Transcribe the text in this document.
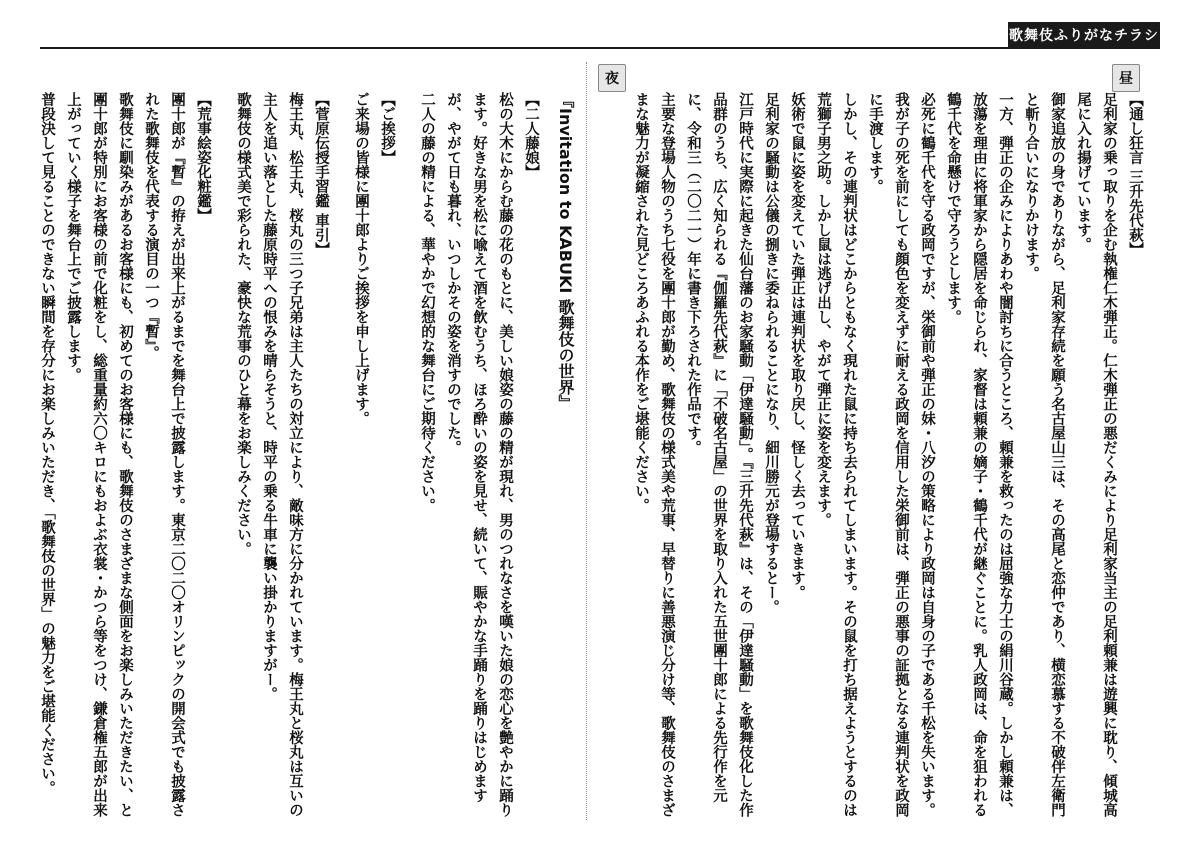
歌舞伎ふりがなチラシ
昼
夜
【通し狂言 三升先代萩】
足利家の乗っ取りを企む執権仁木弾正。仁木弾正の悪だくみにより足利家当主の足利頼兼は遊興に耽り、傾城高尾に入れ揚げています。
御家追放の身でありながら、足利家存続を願う名古屋山三は、その高尾と恋仲であり、横恋慕する不破伴左衛門と斬り合いになりかけます。
一方、弾正の企みによりあわや闇討ちに合うところ、頼兼を救ったのは屈強な力士の絹川谷蔵。しかし頼兼は、放蕩を理由に将軍家から隠居を命じられ、家督は頼兼の嫡子・鶴千代が継ぐことに。乳人政岡は、命を狙われる鶴千代を命懸けで守ろうとします。
必死に鶴千代を守る政岡ですが、栄御前や弾正の妹・八汐の策略により政岡は自身の子である千松を失います。我が子の死を前にしても顔色を変えずに耐える政岡を信用した栄御前は、弾正の悪事の証拠となる連判状を政岡に手渡します。
しかし、その連判状はどこからともなく現れた鼠に持ち去られてしまいます。その鼠を打ち据えようとするのは荒獅子男之助。しかし鼠は逃げ出し、やがて弾正に姿を変えます。
妖術で鼠に姿を変えていた弾正は連判状を取り戻し、怪しく去っていきます。
足利家の騒動は公儀の捌きに委ねられることになり、細川勝元が登場するとー。
江戸時代に実際に起きた仙台藩のお家騒動「伊達騒動」。『三升先代萩』は、その「伊達騒動」を歌舞伎化した作品群のうち、広く知られる『伽羅先代萩』に「不破名古屋」の世界を取り入れた五世團十郎による先行作を元に、令和三（二〇二一）年に書き下ろされた作品です。
主要な登場人物のうち七役を團十郎が勤め、歌舞伎の様式美や荒事、早替りに善悪演じ分け等、歌舞伎のさまざまな魅力が凝縮された見どころあふれる本作をご堪能ください。
『Invitation to KABUKI 歌舞伎の世界』
【二人藤娘】
松の大木にからむ藤の花のもとに、美しい娘姿の藤の精が現れ、男のつれなさを嘆いた娘の恋心を艶やかに踊ります。好きな男を松に喩えて酒を飲むうち、ほろ酔いの姿を見せ、続いて、賑やかな手踊りを踊りはじめますが、やがて日も暮れ、いつしかその姿を消すのでした。
二人の藤の精による、華やかで幻想的な舞台にご期待ください。
【ご挨拶】
ご来場の皆様に團十郎よりご挨拶を申し上げます。
【菅原伝授手習鑑 車引】
梅王丸、松王丸、桜丸の三つ子兄弟は主人たちの対立により、敵味方に分かれています。梅王丸と桜丸は互いの主人を追い落とした藤原時平への恨みを晴らそうと、時平の乗る牛車に襲い掛かりますがー。
歌舞伎の様式美で彩られた、豪快な荒事のひと幕をお楽しみください。
【荒事絵姿化粧鑑】
團十郎が『暫』の拵えが出来上がるまでを舞台上で披露します。東京二〇二〇オリンピックの開会式でも披露された歌舞伎を代表する演目の一つ『暫』。
歌舞伎に馴染みがあるお客様にも、初めてのお客様にも、歌舞伎のさまざまな側面をお楽しみいただきたい、と團十郎が特別にお客様の前で化粧をし、総重量約六〇キロにもおよぶ衣裳・かつら等をつけ、鎌倉権五郎が出来上がっていく様子を舞台上でご披露します。
普段決して見ることのできない瞬間を存分にお楽しみいただき、「歌舞伎の世界」の魅力をご堪能ください。
